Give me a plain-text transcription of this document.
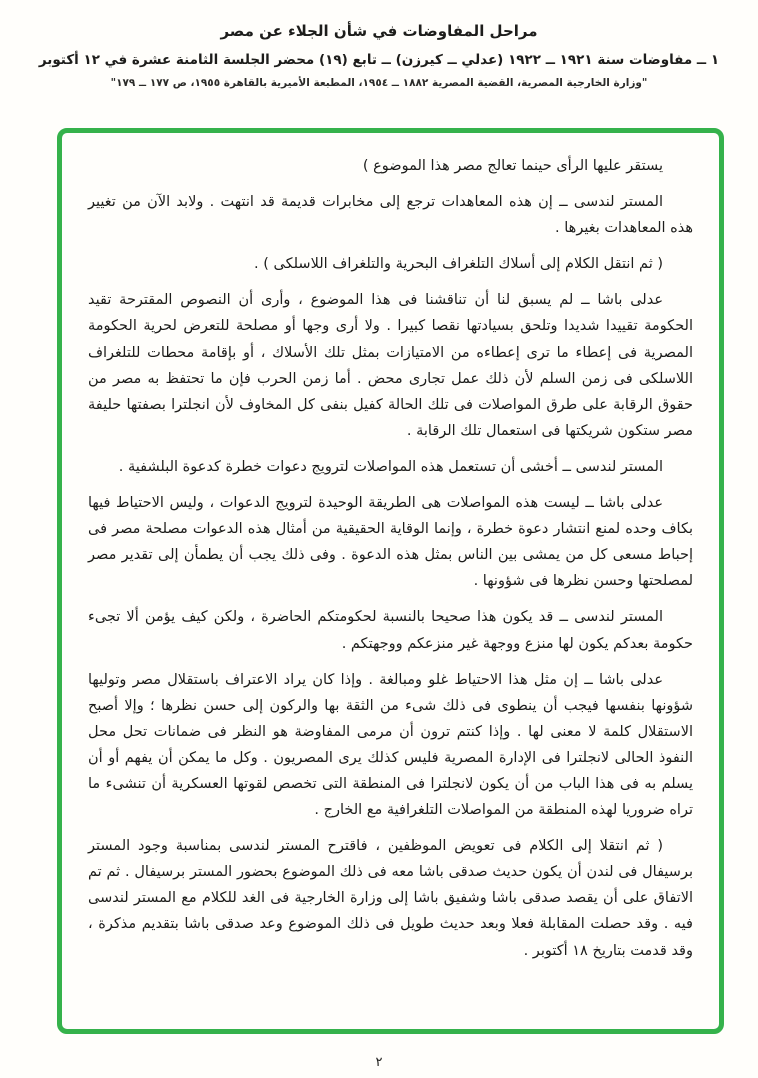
مراحل المفاوضات في شأن الجلاء عن مصر
١ ــ مفاوضات سنة ١٩٢١ ــ ١٩٢٢ (عدلي ــ كيرزن) ــ تابع (١٩) محضر الجلسة الثامنة عشرة في ١٢ أكتوبر
"وزارة الخارجية المصرية، القضية المصرية ١٨٨٢ ــ ١٩٥٤، المطبعة الأميرية بالقاهرة ١٩٥٥، ص ١٧٧ ــ ١٧٩"

يستقر عليها الرأى حينما تعالج مصر هذا الموضوع )

المستر لندسى ــ إن هذه المعاهدات ترجع إلى مخابرات قديمة قد انتهت . ولابد الآن من تغيير هذه المعاهدات بغيرها .

( ثم انتقل الكلام إلى أسلاك التلغراف البحرية والتلغراف اللاسلكى ) .

عدلى باشا ــ لم يسبق لنا أن تناقشنا فى هذا الموضوع ، وأرى أن النصوص المقترحة تقيد الحكومة تقييدا شديدا وتلحق بسيادتها نقصا كبيرا . ولا أرى وجها أو مصلحة للتعرض لحرية الحكومة المصرية فى إعطاء ما ترى إعطاءه من الامتيازات بمثل تلك الأسلاك ، أو بإقامة محطات للتلغراف اللاسلكى فى زمن السلم لأن ذلك عمل تجارى محض . أما زمن الحرب فإن ما تحتفظ به مصر من حقوق الرقابة على طرق المواصلات فى تلك الحالة كفيل بنفى كل المخاوف لأن انجلترا بصفتها حليفة مصر ستكون شريكتها فى استعمال تلك الرقابة .

المستر لندسى ــ أخشى أن تستعمل هذه المواصلات لترويج دعوات خطرة كدعوة البلشفية .

عدلى باشا ــ ليست هذه المواصلات هى الطريقة الوحيدة لترويج الدعوات ، وليس الاحتياط فيها بكاف وحده لمنع انتشار دعوة خطرة ، وإنما الوقاية الحقيقية من أمثال هذه الدعوات مصلحة مصر فى إحباط مسعى كل من يمشى بين الناس بمثل هذه الدعوة . وفى ذلك يجب أن يطمأن إلى تقدير مصر لمصلحتها وحسن نظرها فى شؤونها .

المستر لندسى ــ قد يكون هذا صحيحا بالنسبة لحكومتكم الحاضرة ، ولكن كيف يؤمن ألا تجىء حكومة بعدكم يكون لها منزع ووجهة غير منزعكم ووجهتكم .

عدلى باشا ــ إن مثل هذا الاحتياط غلو ومبالغة . وإذا كان يراد الاعتراف باستقلال مصر وتوليها شؤونها بنفسها فيجب أن ينطوى فى ذلك شىء من الثقة بها والركون إلى حسن نظرها ؛ وإلا أصبح الاستقلال كلمة لا معنى لها . وإذا كنتم ترون أن مرمى المفاوضة هو النظر فى ضمانات تحل محل النفوذ الحالى لانجلترا فى الإدارة المصرية فليس كذلك يرى المصريون . وكل ما يمكن أن يفهم أو أن يسلم به فى هذا الباب من أن يكون لانجلترا فى المنطقة التى تخصص لقوتها العسكرية أن تنشىء ما تراه ضروريا لهذه المنطقة من المواصلات التلغرافية مع الخارج .

( ثم انتقلا إلى الكلام فى تعويض الموظفين ، فاقترح المستر لندسى بمناسبة وجود المستر برسيفال فى لندن أن يكون حديث صدقى باشا معه فى ذلك الموضوع بحضور المستر برسيفال . ثم تم الاتفاق على أن يقصد صدقى باشا وشفيق باشا إلى وزارة الخارجية فى الغد للكلام مع المستر لندسى فيه . وقد حصلت المقابلة فعلا وبعد حديث طويل فى ذلك الموضوع وعد صدقى باشا بتقديم مذكرة ، وقد قدمت بتاريخ ١٨ أكتوبر .

٢
